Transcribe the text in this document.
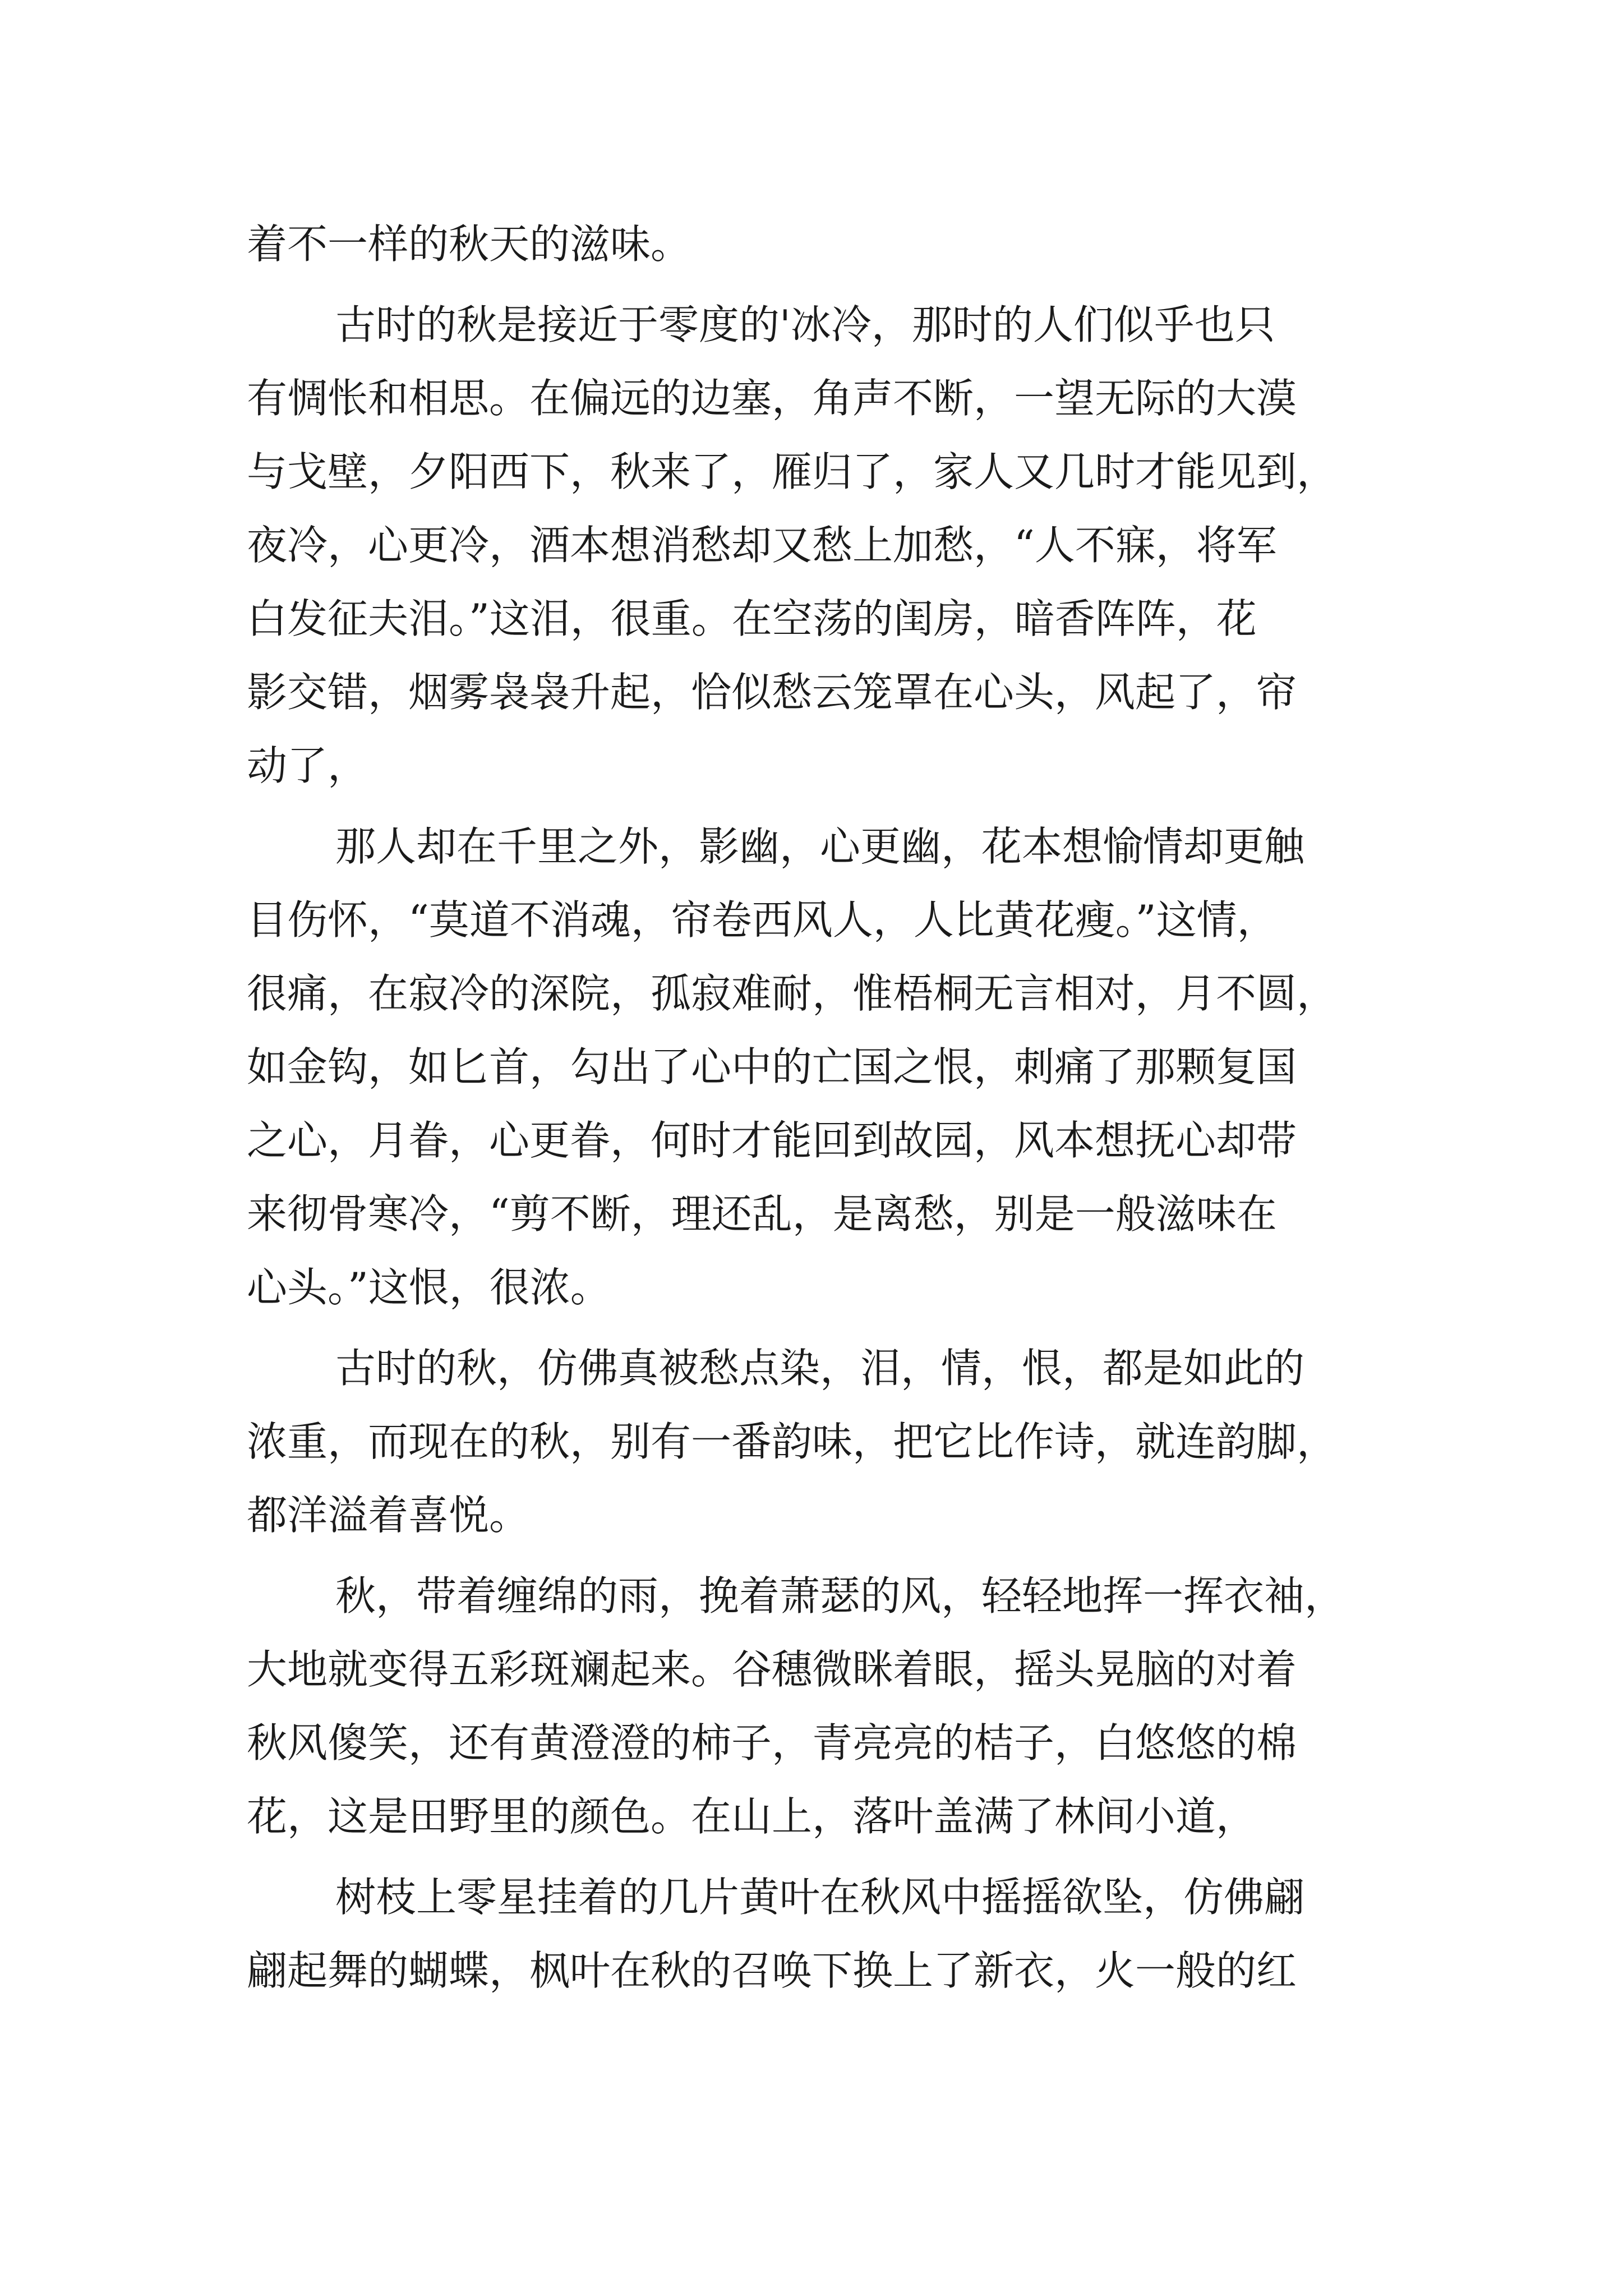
着不一样的秋天的滋味。
古时的秋是接近于零度的'冰冷，那时的人们似乎也只
有惆怅和相思。在偏远的边塞，角声不断，一望无际的大漠
与戈壁，夕阳西下，秋来了，雁归了，家人又几时才能见到，
夜冷，心更冷，酒本想消愁却又愁上加愁，“人不寐，将军
白发征夫泪。”这泪，很重。在空荡的闺房，暗香阵阵，花
影交错，烟雾袅袅升起，恰似愁云笼罩在心头，风起了，帘
动了，
那人却在千里之外，影幽，心更幽，花本想愉情却更触
目伤怀，“莫道不消魂，帘卷西风人，人比黄花瘦。”这情，
很痛，在寂冷的深院，孤寂难耐，惟梧桐无言相对，月不圆，
如金钩，如匕首，勾出了心中的亡国之恨，刺痛了那颗复国
之心，月眷，心更眷，何时才能回到故园，风本想抚心却带
来彻骨寒冷，“剪不断，理还乱，是离愁，别是一般滋味在
心头。”这恨，很浓。
古时的秋，仿佛真被愁点染，泪，情，恨，都是如此的
浓重，而现在的秋，别有一番韵味，把它比作诗，就连韵脚，
都洋溢着喜悦。
秋，带着缠绵的雨，挽着萧瑟的风，轻轻地挥一挥衣袖，
大地就变得五彩斑斓起来。谷穗微眯着眼，摇头晃脑的对着
秋风傻笑，还有黄澄澄的柿子，青亮亮的桔子，白悠悠的棉
花，这是田野里的颜色。在山上，落叶盖满了林间小道，
树枝上零星挂着的几片黄叶在秋风中摇摇欲坠，仿佛翩
翩起舞的蝴蝶，枫叶在秋的召唤下换上了新衣，火一般的红
